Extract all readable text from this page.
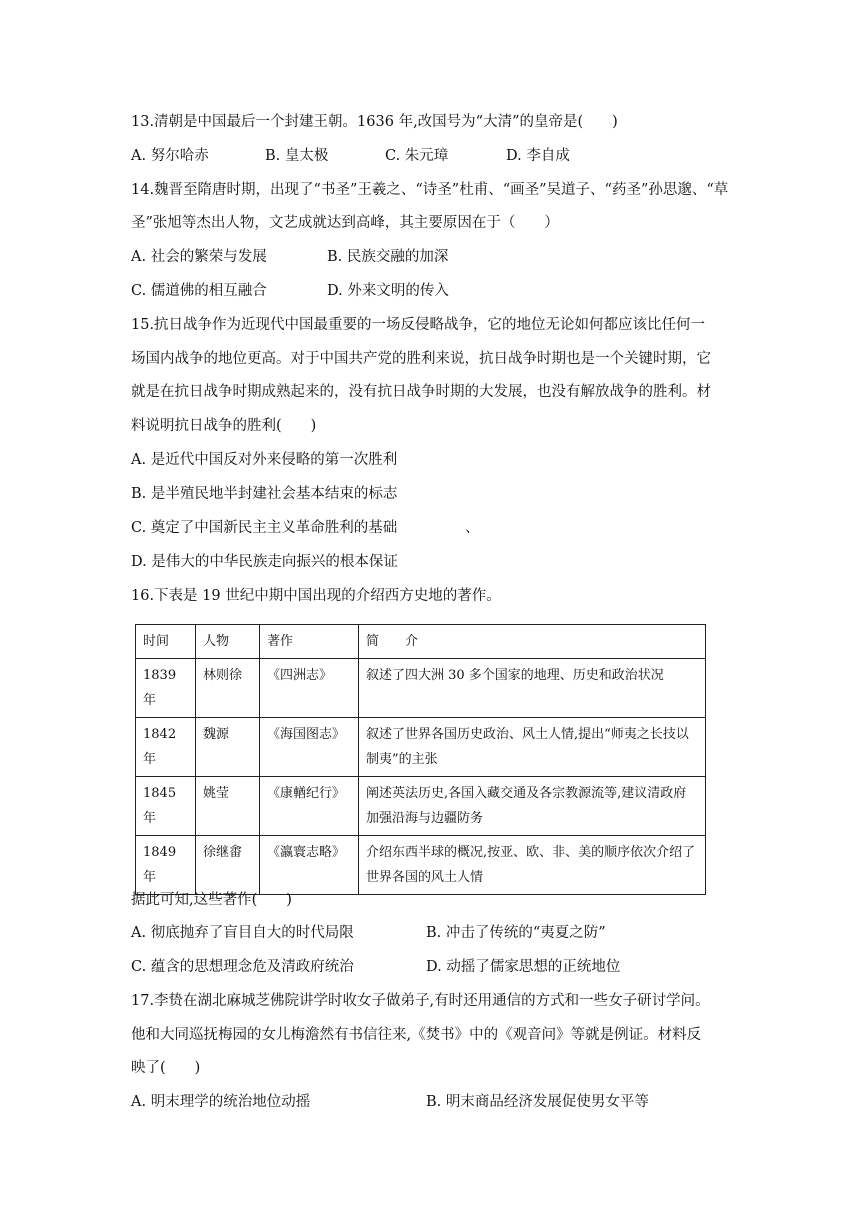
13.清朝是中国最后一个封建王朝。1636 年,改国号为“大清”的皇帝是(　　)
A. 努尔哈赤	B. 皇太极	C. 朱元璋	D. 李自成
14.魏晋至隋唐时期，出现了“书圣”王羲之、“诗圣”杜甫、“画圣”吴道子、“药圣”孙思邈、“草
圣”张旭等杰出人物，文艺成就达到高峰，其主要原因在于（　　）
A. 社会的繁荣与发展	B. 民族交融的加深
C. 儒道佛的相互融合	D. 外来文明的传入
15.抗日战争作为近现代中国最重要的一场反侵略战争，它的地位无论如何都应该比任何一
场国内战争的地位更高。对于中国共产党的胜利来说，抗日战争时期也是一个关键时期，它
就是在抗日战争时期成熟起来的，没有抗日战争时期的大发展，也没有解放战争的胜利。材
料说明抗日战争的胜利(　　)
A. 是近代中国反对外来侵略的第一次胜利
B. 是半殖民地半封建社会基本结束的标志
C. 奠定了中国新民主主义革命胜利的基础	、
D. 是伟大的中华民族走向振兴的根本保证
16.下表是 19 世纪中期中国出现的介绍西方史地的著作。
时间	人物	著作	简　　介
1839 年	林则徐	《四洲志》	叙述了四大洲 30 多个国家的地理、历史和政治状况
1842 年	魏源	《海国图志》	叙述了世界各国历史政治、风土人情,提出“师夷之长技以制夷”的主张
1845 年	姚莹	《康輶纪行》	阐述英法历史,各国入藏交通及各宗教源流等,建议清政府加强沿海与边疆防务
1849 年	徐继畬	《瀛寰志略》	介绍东西半球的概况,按亚、欧、非、美的顺序依次介绍了世界各国的风土人情
据此可知,这些著作(　　)
A. 彻底抛弃了盲目自大的时代局限	B. 冲击了传统的“夷夏之防”
C. 蕴含的思想理念危及清政府统治	D. 动摇了儒家思想的正统地位
17.李贽在湖北麻城芝佛院讲学时收女子做弟子,有时还用通信的方式和一些女子研讨学问。
他和大同巡抚梅园的女儿梅澹然有书信往来,《焚书》中的《观音问》等就是例证。材料反
映了(　　)
A. 明末理学的统治地位动摇	B. 明末商品经济发展促使男女平等
